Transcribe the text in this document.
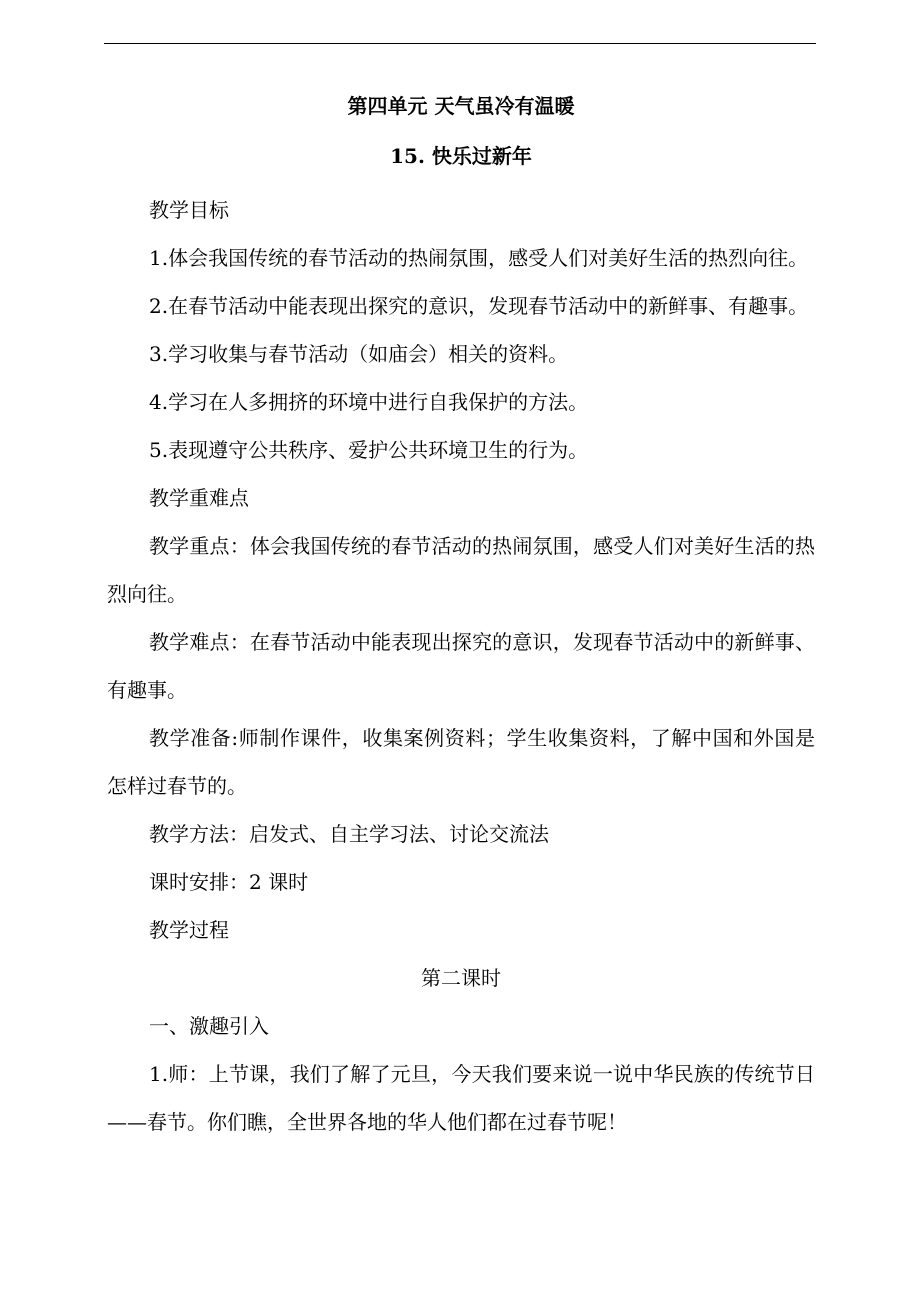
第四单元 天气虽冷有温暖

15. 快乐过新年

教学目标

1.体会我国传统的春节活动的热闹氛围，感受人们对美好生活的热烈向往。

2.在春节活动中能表现出探究的意识，发现春节活动中的新鲜事、有趣事。

3.学习收集与春节活动（如庙会）相关的资料。

4.学习在人多拥挤的环境中进行自我保护的方法。

5.表现遵守公共秩序、爱护公共环境卫生的行为。

教学重难点

教学重点：体会我国传统的春节活动的热闹氛围，感受人们对美好生活的热烈向往。

教学难点：在春节活动中能表现出探究的意识，发现春节活动中的新鲜事、有趣事。

教学准备:师制作课件，收集案例资料；学生收集资料，了解中国和外国是怎样过春节的。

教学方法：启发式、自主学习法、讨论交流法

课时安排：2 课时

教学过程

第二课时

一、激趣引入

1.师：上节课，我们了解了元旦，今天我们要来说一说中华民族的传统节日——春节。你们瞧，全世界各地的华人他们都在过春节呢！
